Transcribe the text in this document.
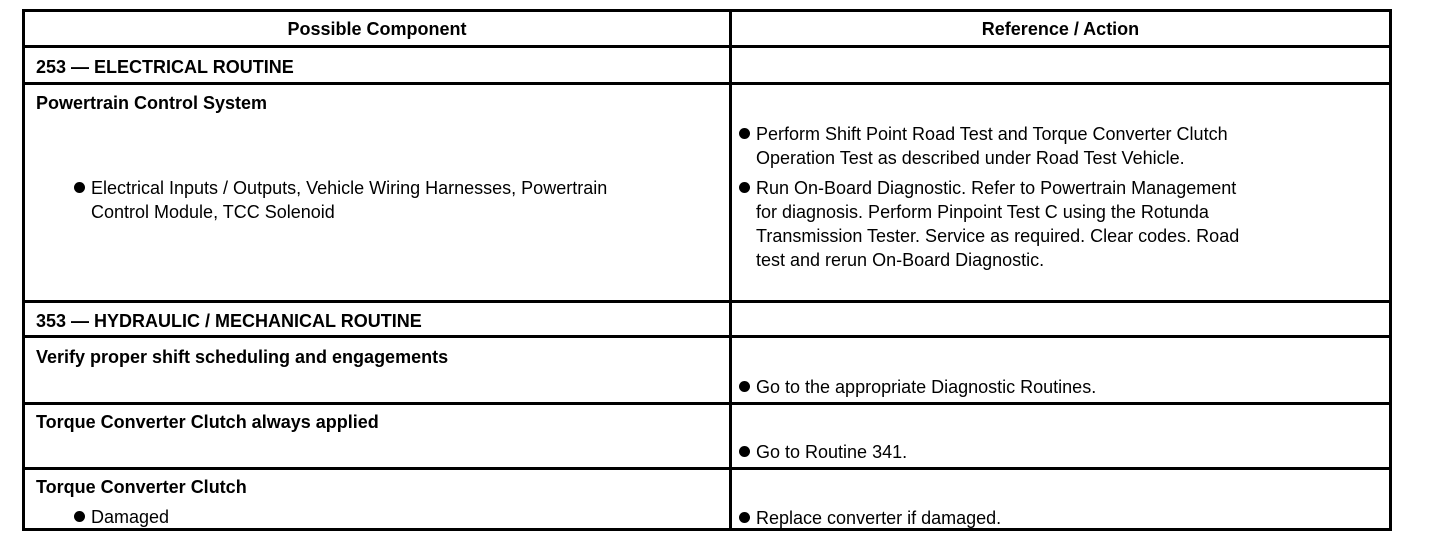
Possible Component	Reference / Action
253 — ELECTRICAL ROUTINE
Powertrain Control System
Electrical Inputs / Outputs, Vehicle Wiring Harnesses, Powertrain
Control Module, TCC Solenoid
Perform Shift Point Road Test and Torque Converter Clutch
Operation Test as described under Road Test Vehicle.
Run On-Board Diagnostic. Refer to Powertrain Management
for diagnosis. Perform Pinpoint Test C using the Rotunda
Transmission Tester. Service as required. Clear codes. Road
test and rerun On-Board Diagnostic.
353 — HYDRAULIC / MECHANICAL ROUTINE
Verify proper shift scheduling and engagements
Go to the appropriate Diagnostic Routines.
Torque Converter Clutch always applied
Go to Routine 341.
Torque Converter Clutch
Damaged	Replace converter if damaged.
